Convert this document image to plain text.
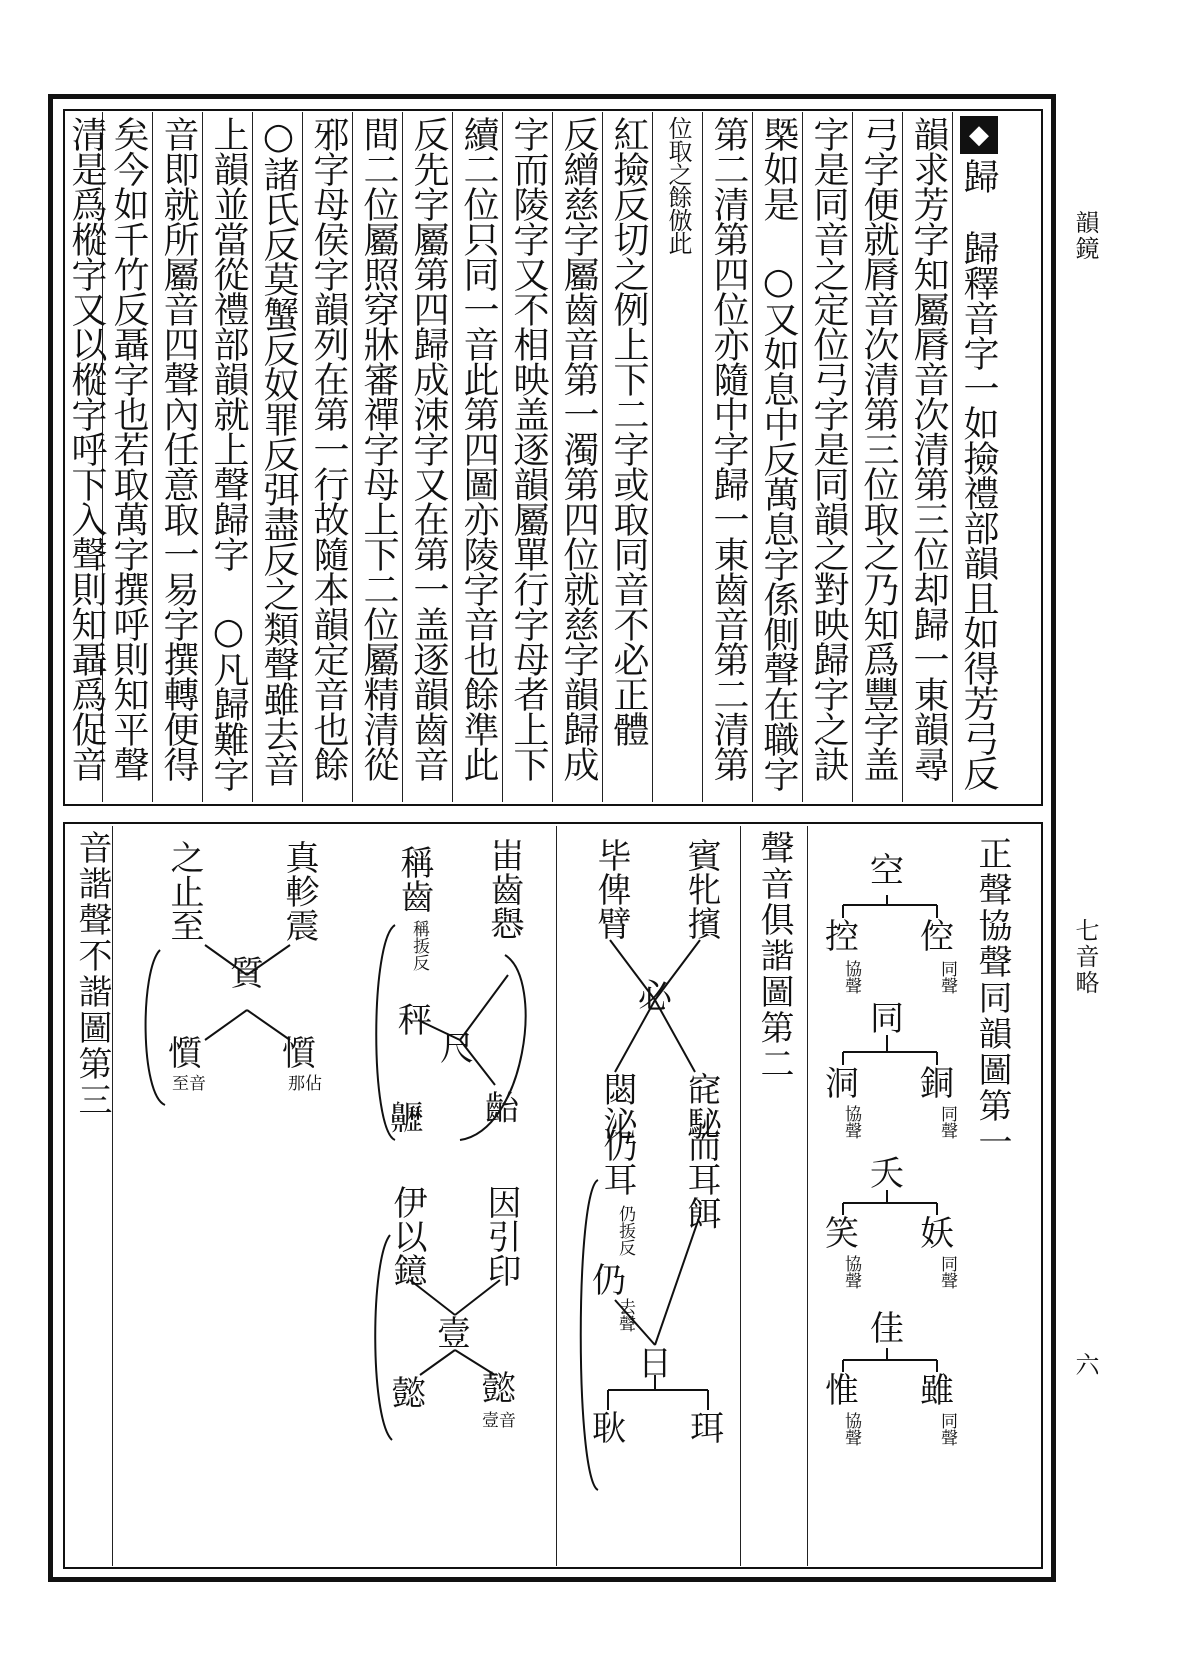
韻鏡
七音略
六
◆
歸
歸釋音字一如撿禮部韻且如得芳弓反
韻求芳字知屬脣音次清第三位却歸一東韻尋
弓字便就脣音次清第三位取之乃知爲豐字盖
字是同音之定位弓字是同韻之對映歸字之訣
槩如是 ○又如息中反萬息字係側聲在職字
第二清第四位亦隨中字歸一東齒音第二清第
位取之餘倣此
紅撿反切之例上下二字或取同音不必正體
反繒慈字屬齒音第一濁第四位就慈字韻歸成
字而陵字又不相映盖逐韻屬單行字母者上下
續二位只同一音此第四圖亦陵字音也餘準此
反先字屬第四歸成涑字又在第一盖逐韻齒音
間二位屬照穿牀審禪字母上下二位屬精清從
邪字母侯字韻列在第一行故隨本韻定音也餘
○諸氏反莫蟹反奴罪反弭盡反之類聲雖去音
上韻並當從禮部韻就上聲歸字 ○凡歸難字
音即就所屬音四聲內任意取一易字撰轉便得
矣今如千竹反聶字也若取萬字撰呼則知平聲
清是爲樅字又以樅字呼下入聲則知聶爲促音
正聲協聲同韻圖第一
空
控
協聲
倥
同聲
同
洞
協聲
銅
同聲
夭
笑
協聲
妖
同聲
佳
惟
協聲
雖
同聲
聲音俱諧圖第二
賓牝擯
毕俾臂
必
䆛駜
閟泌
而耳餌
仍耳
仍㧞反
仍
去聲
日
耿 珥
峀齒㦛
稱齒
稱㧞反
秤
尺
𪗁 齝
因引印
伊以鐿
壹
懿 懿
壹音
音諧聲不諧圖第三	真軫震
之止至
質
懫
那佔
懫
至音
